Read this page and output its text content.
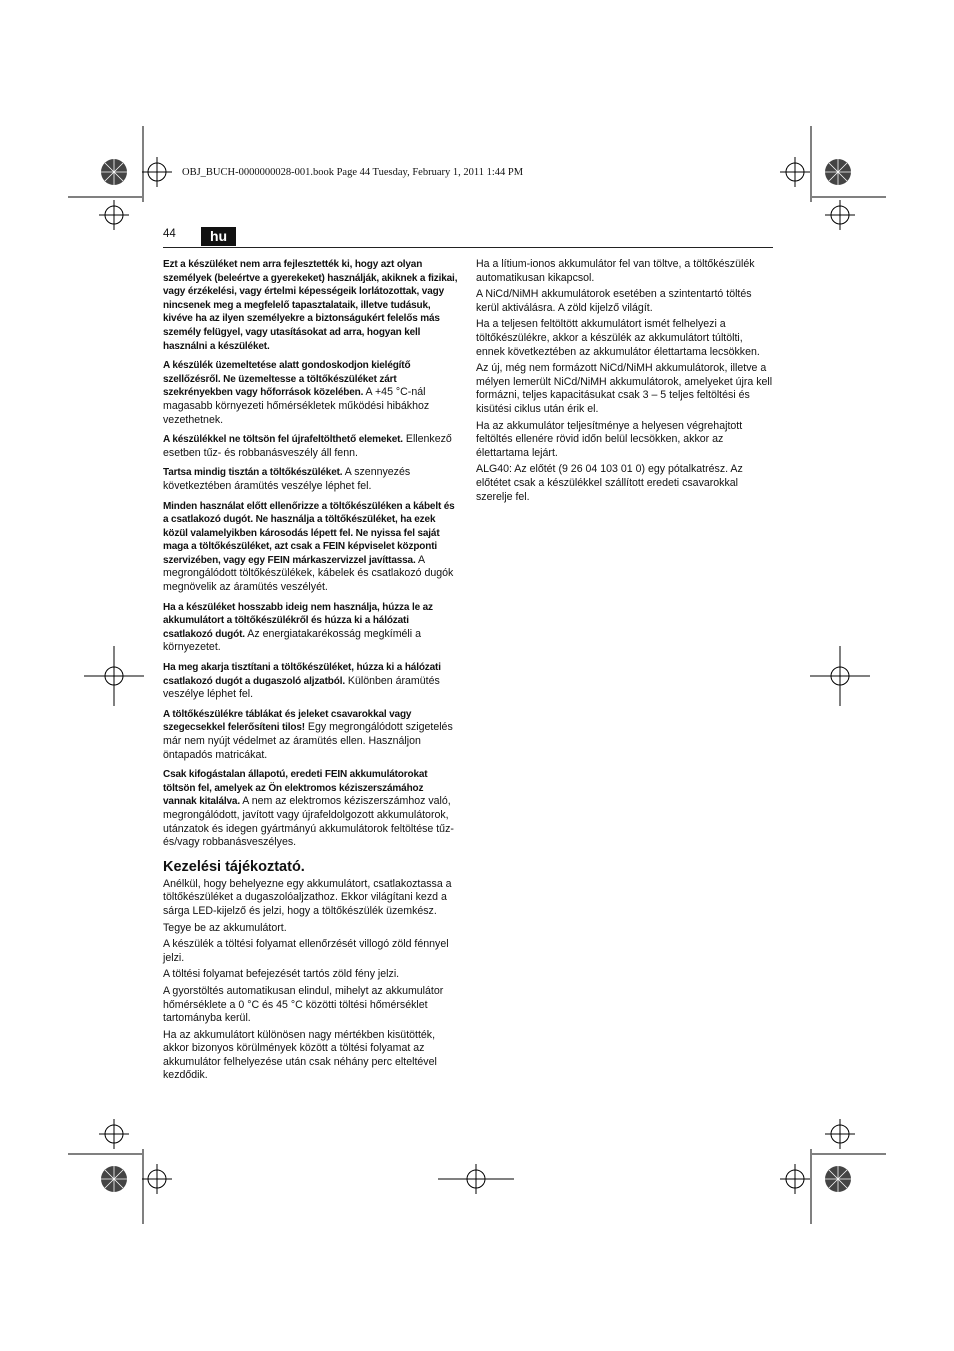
OBJ_BUCH-0000000028-001.book Page 44 Tuesday, February 1, 2011 1:44 PM
44	hu

Ezt a készüléket nem arra fejlesztették ki, hogy azt olyan személyek (beleértve a gyerekeket) használják, akiknek a fizikai, vagy érzékelési, vagy értelmi képességeik lorlátozottak, vagy nincsenek meg a megfelelő tapasztalataik, illetve tudásuk, kivéve ha az ilyen személyekre a biztonságukért felelős más személy felügyel, vagy utasításokat ad arra, hogyan kell használni a készüléket.

A készülék üzemeltetése alatt gondoskodjon kielégítő szellőzésről. Ne üzemeltesse a töltőkészüléket zárt szekrényekben vagy hőforrások közelében. A +45 °C-nál magasabb környezeti hőmérsékletek működési hibákhoz vezethetnek.

A készülékkel ne töltsön fel újrafeltölthető elemeket. Ellenkező esetben tűz- és robbanásveszély áll fenn.

Tartsa mindig tisztán a töltőkészüléket. A szennyezés következtében áramütés veszélye léphet fel.

Minden használat előtt ellenőrizze a töltőkészüléken a kábelt és a csatlakozó dugót. Ne használja a töltőkészüléket, ha ezek közül valamelyikben károsodás lépett fel. Ne nyissa fel saját maga a töltőkészüléket, azt csak a FEIN képviselet központi szervizében, vagy egy FEIN márkaszervizzel javíttassa. A megrongálódott töltőkészülékek, kábelek és csatlakozó dugók megnövelik az áramütés veszélyét.

Ha a készüléket hosszabb ideig nem használja, húzza le az akkumulátort a töltőkészülékről és húzza ki a hálózati csatlakozó dugót. Az energiatakarékosság megkíméli a környezetet.

Ha meg akarja tisztítani a töltőkészüléket, húzza ki a hálózati csatlakozó dugót a dugaszoló aljzatból. Különben áramütés veszélye léphet fel.

A töltőkészülékre táblákat és jeleket csavarokkal vagy szegecsekkel felerősíteni tilos! Egy megrongálódott szigetelés már nem nyújt védelmet az áramütés ellen. Használjon öntapadós matricákat.

Csak kifogástalan állapotú, eredeti FEIN akkumulátorokat töltsön fel, amelyek az Ön elektromos kéziszerszámához vannak kitalálva. A nem az elektromos kéziszerszámhoz való, megrongálódott, javított vagy újrafeldolgozott akkumulátorok, utánzatok és idegen gyártmányú akkumulátorok feltöltése tűz- és/vagy robbanásveszélyes.

Kezelési tájékoztató.

Anélkül, hogy behelyezne egy akkumulátort, csatlakoztassa a töltőkészüléket a dugaszolóaljzathoz. Ekkor világítani kezd a sárga LED-kijelző és jelzi, hogy a töltőkészülék üzemkész.

Tegye be az akkumulátort.

A készülék a töltési folyamat ellenőrzését villogó zöld fénnyel jelzi.

A töltési folyamat befejezését tartós zöld fény jelzi.

A gyorstöltés automatikusan elindul, mihelyt az akkumulátor hőmérséklete a 0 °C és 45 °C közötti töltési hőmérséklet tartományba kerül.

Ha az akkumulátort különösen nagy mértékben kisütötték, akkor bizonyos körülmények között a töltési folyamat az akkumulátor felhelyezése után csak néhány perc elteltével kezdődik.

Ha a lítium-ionos akkumulátor fel van töltve, a töltőkészülék automatikusan kikapcsol.

A NiCd/NiMH akkumulátorok esetében a szintentartó töltés kerül aktiválásra. A zöld kijelző világít.

Ha a teljesen feltöltött akkumulátort ismét felhelyezi a töltőkészülékre, akkor a készülék az akkumulátort túltölti, ennek következtében az akkumulátor élettartama lecsökken.

Az új, még nem formázott NiCd/NiMH akkumulátorok, illetve a mélyen lemerült NiCd/NiMH akkumulátorok, amelyeket újra kell formázni, teljes kapacitásukat csak 3 – 5 teljes feltöltési és kisütési ciklus után érik el.

Ha az akkumulátor teljesítménye a helyesen végrehajtott feltöltés ellenére rövid időn belül lecsökken, akkor az élettartama lejárt.

ALG40: Az előtét (9 26 04 103 01 0) egy pótalkatrész. Az előtétet csak a készülékkel szállított eredeti csavarokkal szerelje fel.
